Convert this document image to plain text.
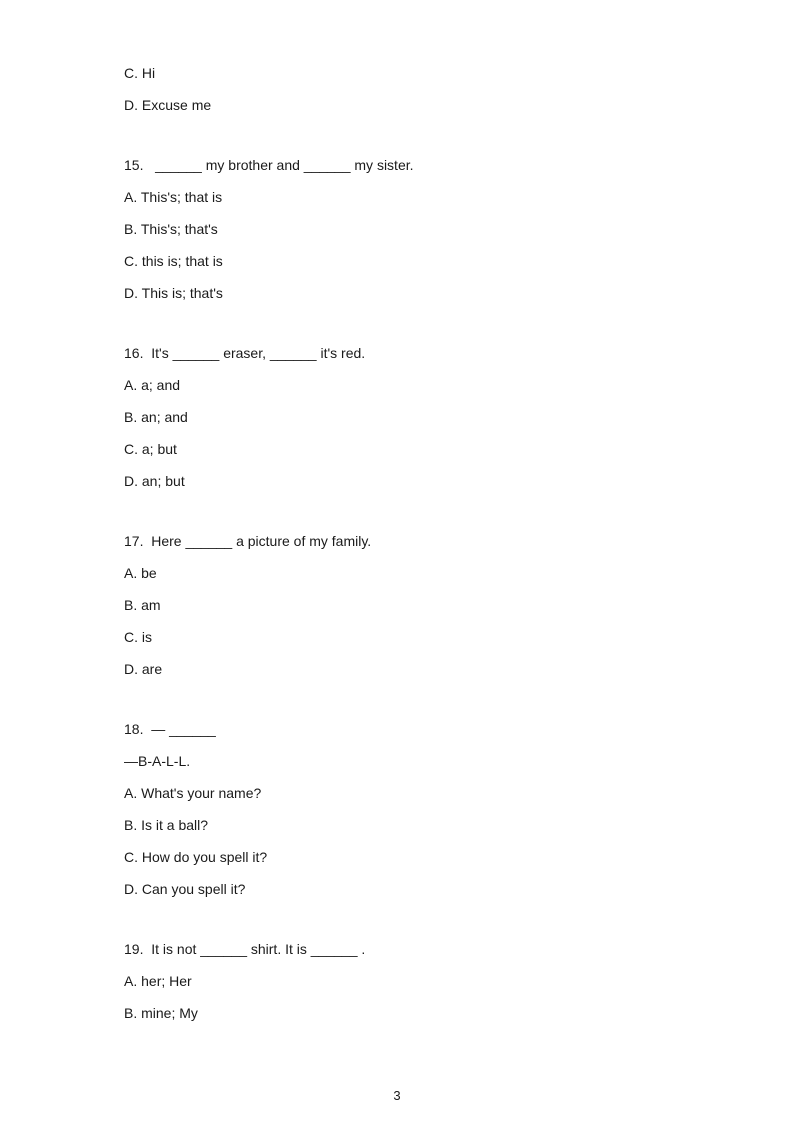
C. Hi
D. Excuse me
15.   ______ my brother and ______ my sister.
A. This's; that is
B. This's; that's
C. this is; that is
D. This is; that's
16.  It's ______ eraser, ______ it's red.
A. a; and
B. an; and
C. a; but
D. an; but
17.  Here ______ a picture of my family.
A. be
B. am
C. is
D. are
18.  — ______
—B-A-L-L.
A. What's your name?
B. Is it a ball?
C. How do you spell it?
D. Can you spell it?
19.  It is not ______ shirt. It is ______ .
A. her; Her
B. mine; My
3
